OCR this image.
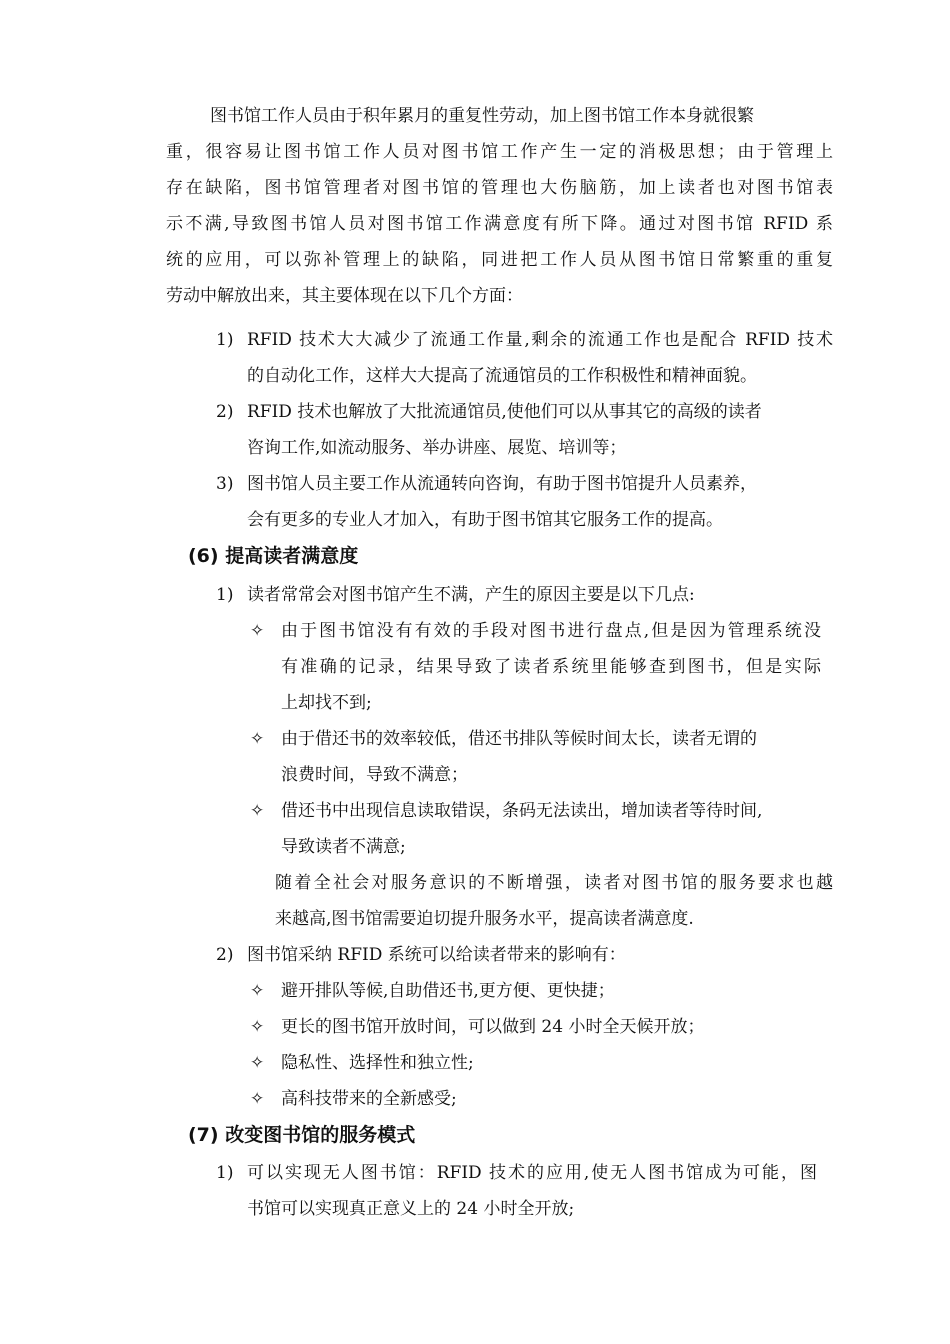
图书馆工作人员由于积年累月的重复性劳动，加上图书馆工作本身就很繁
重，很容易让图书馆工作人员对图书馆工作产生一定的消极思想；由于管理上
存在缺陷，图书馆管理者对图书馆的管理也大伤脑筋，加上读者也对图书馆表
示不满,导致图书馆人员对图书馆工作满意度有所下降。通过对图书馆 RFID 系
统的应用，可以弥补管理上的缺陷，同进把工作人员从图书馆日常繁重的重复
劳动中解放出来，其主要体现在以下几个方面：
1) RFID 技术大大减少了流通工作量,剩余的流通工作也是配合 RFID 技术
的自动化工作，这样大大提高了流通馆员的工作积极性和精神面貌。
2) RFID 技术也解放了大批流通馆员,使他们可以从事其它的高级的读者
咨询工作,如流动服务、举办讲座、展览、培训等；
3) 图书馆人员主要工作从流通转向咨询，有助于图书馆提升人员素养，
会有更多的专业人才加入，有助于图书馆其它服务工作的提高。
(6) 提高读者满意度
1) 读者常常会对图书馆产生不满，产生的原因主要是以下几点:
✧ 由于图书馆没有有效的手段对图书进行盘点,但是因为管理系统没
有准确的记录，结果导致了读者系统里能够查到图书，但是实际
上却找不到;
✧ 由于借还书的效率较低，借还书排队等候时间太长，读者无谓的
浪费时间，导致不满意；
✧ 借还书中出现信息读取错误，条码无法读出，增加读者等待时间,
导致读者不满意;
随着全社会对服务意识的不断增强，读者对图书馆的服务要求也越
来越高,图书馆需要迫切提升服务水平，提高读者满意度.
2) 图书馆采纳 RFID 系统可以给读者带来的影响有：
✧ 避开排队等候,自助借还书,更方便、更快捷；
✧ 更长的图书馆开放时间，可以做到 24 小时全天候开放；
✧ 隐私性、选择性和独立性;
✧ 高科技带来的全新感受;
(7) 改变图书馆的服务模式
1) 可以实现无人图书馆：RFID 技术的应用,使无人图书馆成为可能，图
书馆可以实现真正意义上的 24 小时全开放;
